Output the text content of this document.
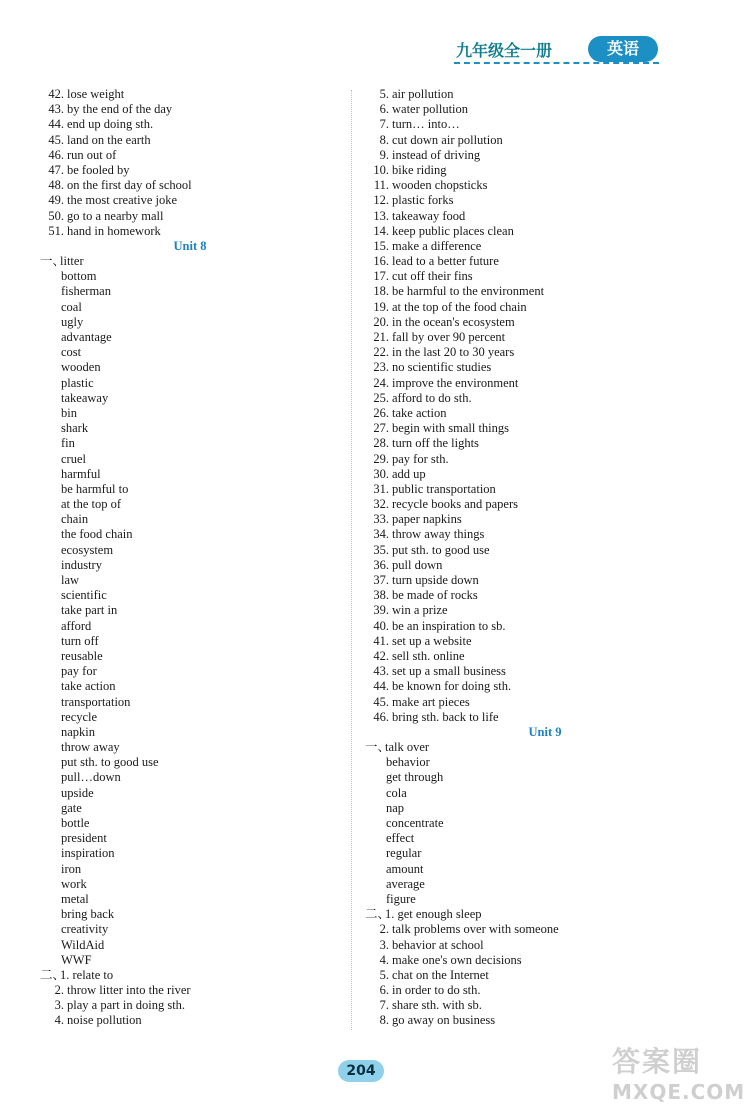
九年级全一册	英语
42. lose weight
43. by the end of the day
44. end up doing sth.
45. land on the earth
46. run out of
47. be fooled by
48. on the first day of school
49. the most creative joke
50. go to a nearby mall
51. hand in homework
Unit 8
一、litter
bottom
fisherman
coal
ugly
advantage
cost
wooden
plastic
takeaway
bin
shark
fin
cruel
harmful
be harmful to
at the top of
chain
the food chain
ecosystem
industry
law
scientific
take part in
afford
turn off
reusable
pay for
take action
transportation
recycle
napkin
throw away
put sth. to good use
pull…down
upside
gate
bottle
president
inspiration
iron
work
metal
bring back
creativity
WildAid
WWF
二、1. relate to
2. throw litter into the river
3. play a part in doing sth.
4. noise pollution
5. air pollution
6. water pollution
7. turn… into…
8. cut down air pollution
9. instead of driving
10. bike riding
11. wooden chopsticks
12. plastic forks
13. takeaway food
14. keep public places clean
15. make a difference
16. lead to a better future
17. cut off their fins
18. be harmful to the environment
19. at the top of the food chain
20. in the ocean's ecosystem
21. fall by over 90 percent
22. in the last 20 to 30 years
23. no scientific studies
24. improve the environment
25. afford to do sth.
26. take action
27. begin with small things
28. turn off the lights
29. pay for sth.
30. add up
31. public transportation
32. recycle books and papers
33. paper napkins
34. throw away things
35. put sth. to good use
36. pull down
37. turn upside down
38. be made of rocks
39. win a prize
40. be an inspiration to sb.
41. set up a website
42. sell sth. online
43. set up a small business
44. be known for doing sth.
45. make art pieces
46. bring sth. back to life
Unit 9
一、talk over
behavior
get through
cola
nap
concentrate
effect
regular
amount
average
figure
二、1. get enough sleep
2. talk problems over with someone
3. behavior at school
4. make one's own decisions
5. chat on the Internet
6. in order to do sth.
7. share sth. with sb.
8. go away on business
204	答案圈
MXQE.COM
